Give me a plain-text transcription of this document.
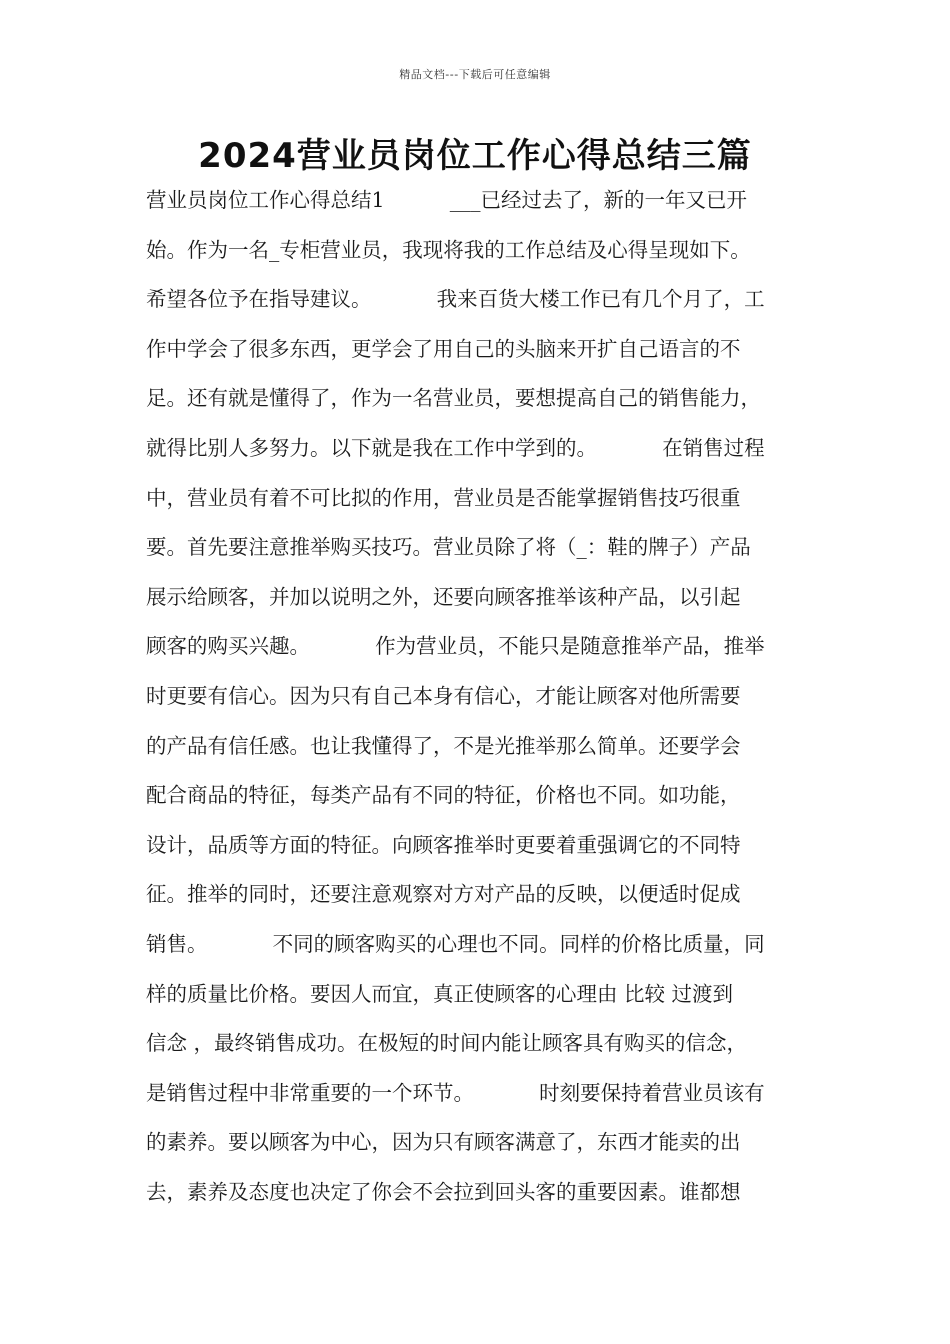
精品文档---下载后可任意编辑
2024营业员岗位工作心得总结三篇
营业员岗位工作心得总结1          ___已经过去了，新的一年又已开
始。作为一名_专柜营业员，我现将我的工作总结及心得呈现如下。
希望各位予在指导建议。          我来百货大楼工作已有几个月了，工
作中学会了很多东西，更学会了用自己的头脑来开扩自己语言的不
足。还有就是懂得了，作为一名营业员，要想提高自己的销售能力，
就得比别人多努力。以下就是我在工作中学到的。          在销售过程
中，营业员有着不可比拟的作用，营业员是否能掌握销售技巧很重
要。首先要注意推举购买技巧。营业员除了将（_：鞋的牌子）产品
展示给顾客，并加以说明之外，还要向顾客推举该种产品，以引起
顾客的购买兴趣。          作为营业员，不能只是随意推举产品，推举
时更要有信心。因为只有自己本身有信心，才能让顾客对他所需要
的产品有信任感。也让我懂得了，不是光推举那么简单。还要学会
配合商品的特征，每类产品有不同的特征，价格也不同。如功能，
设计，品质等方面的特征。向顾客推举时更要着重强调它的不同特
征。推举的同时，还要注意观察对方对产品的反映，以便适时促成
销售。          不同的顾客购买的心理也不同。同样的价格比质量，同
样的质量比价格。要因人而宜，真正使顾客的心理由 比较 过渡到
信念 ，最终销售成功。在极短的时间内能让顾客具有购买的信念，
是销售过程中非常重要的一个环节。          时刻要保持着营业员该有
的素养。要以顾客为中心，因为只有顾客满意了，东西才能卖的出
去，素养及态度也决定了你会不会拉到回头客的重要因素。谁都想
